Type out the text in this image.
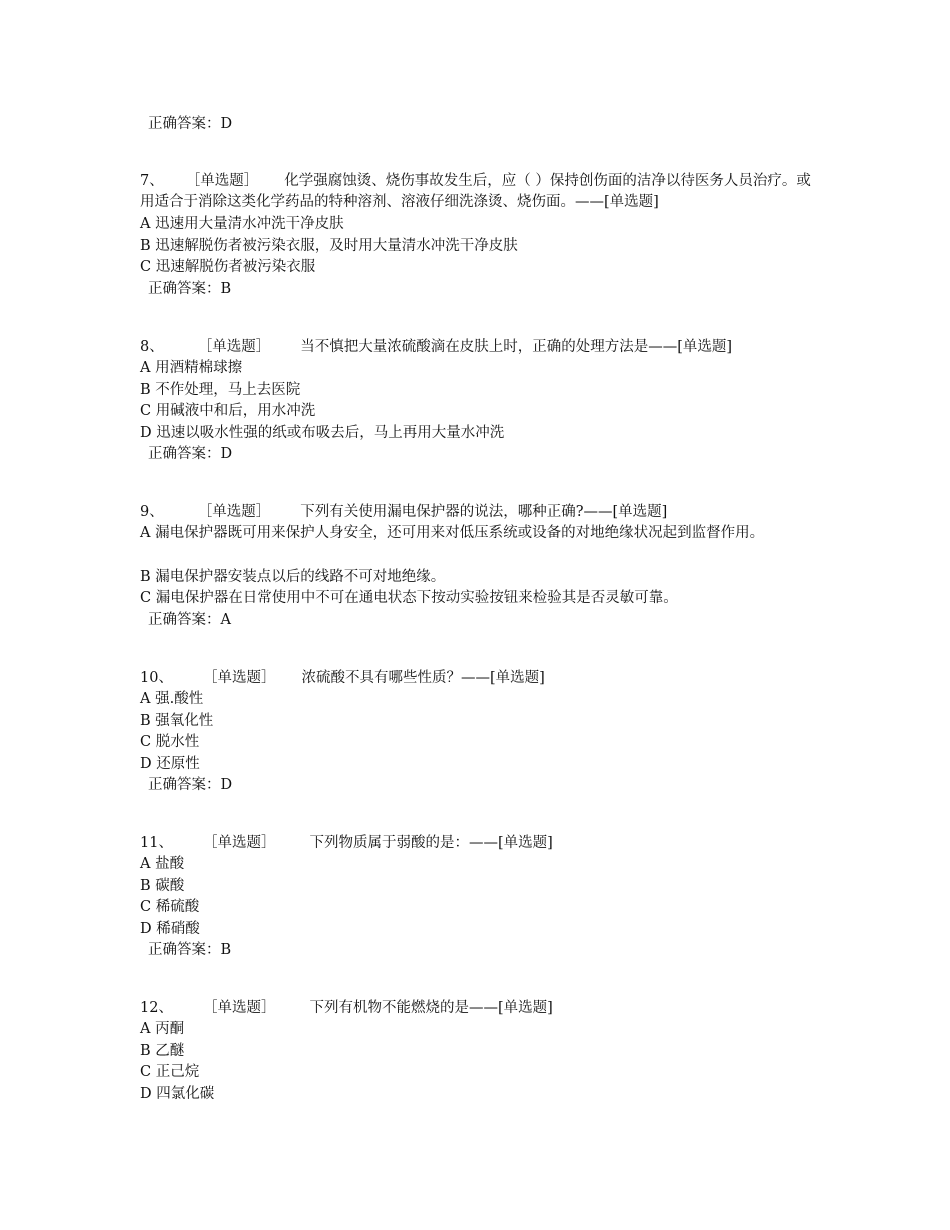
正确答案：D
7、 ［单选题］ 化学强腐蚀烫、烧伤事故发生后，应（ ）保持创伤面的洁净以待医务人员治疗。或用适合于消除这类化学药品的特种溶剂、溶液仔细洗涤烫、烧伤面。——[单选题]
A 迅速用大量清水冲洗干净皮肤
B 迅速解脱伤者被污染衣服，及时用大量清水冲洗干净皮肤
C 迅速解脱伤者被污染衣服
正确答案：B
8、 ［单选题］ 当不慎把大量浓硫酸滴在皮肤上时，正确的处理方法是——[单选题]
A 用酒精棉球擦
B 不作处理，马上去医院
C 用碱液中和后，用水冲洗
D 迅速以吸水性强的纸或布吸去后，马上再用大量水冲洗
正确答案：D
9、 ［单选题］ 下列有关使用漏电保护器的说法，哪种正确?——[单选题]
A 漏电保护器既可用来保护人身安全，还可用来对低压系统或设备的对地绝缘状况起到监督作用。
B 漏电保护器安装点以后的线路不可对地绝缘。
C 漏电保护器在日常使用中不可在通电状态下按动实验按钮来检验其是否灵敏可靠。
正确答案：A
10、 ［单选题］ 浓硫酸不具有哪些性质？——[单选题]
A 强.酸性
B 强氧化性
C 脱水性
D 还原性
正确答案：D
11、 ［单选题］ 下列物质属于弱酸的是：——[单选题]
A 盐酸
B 碳酸
C 稀硫酸
D 稀硝酸
正确答案：B
12、 ［单选题］ 下列有机物不能燃烧的是——[单选题]
A 丙酮
B 乙醚
C 正己烷
D 四氯化碳
